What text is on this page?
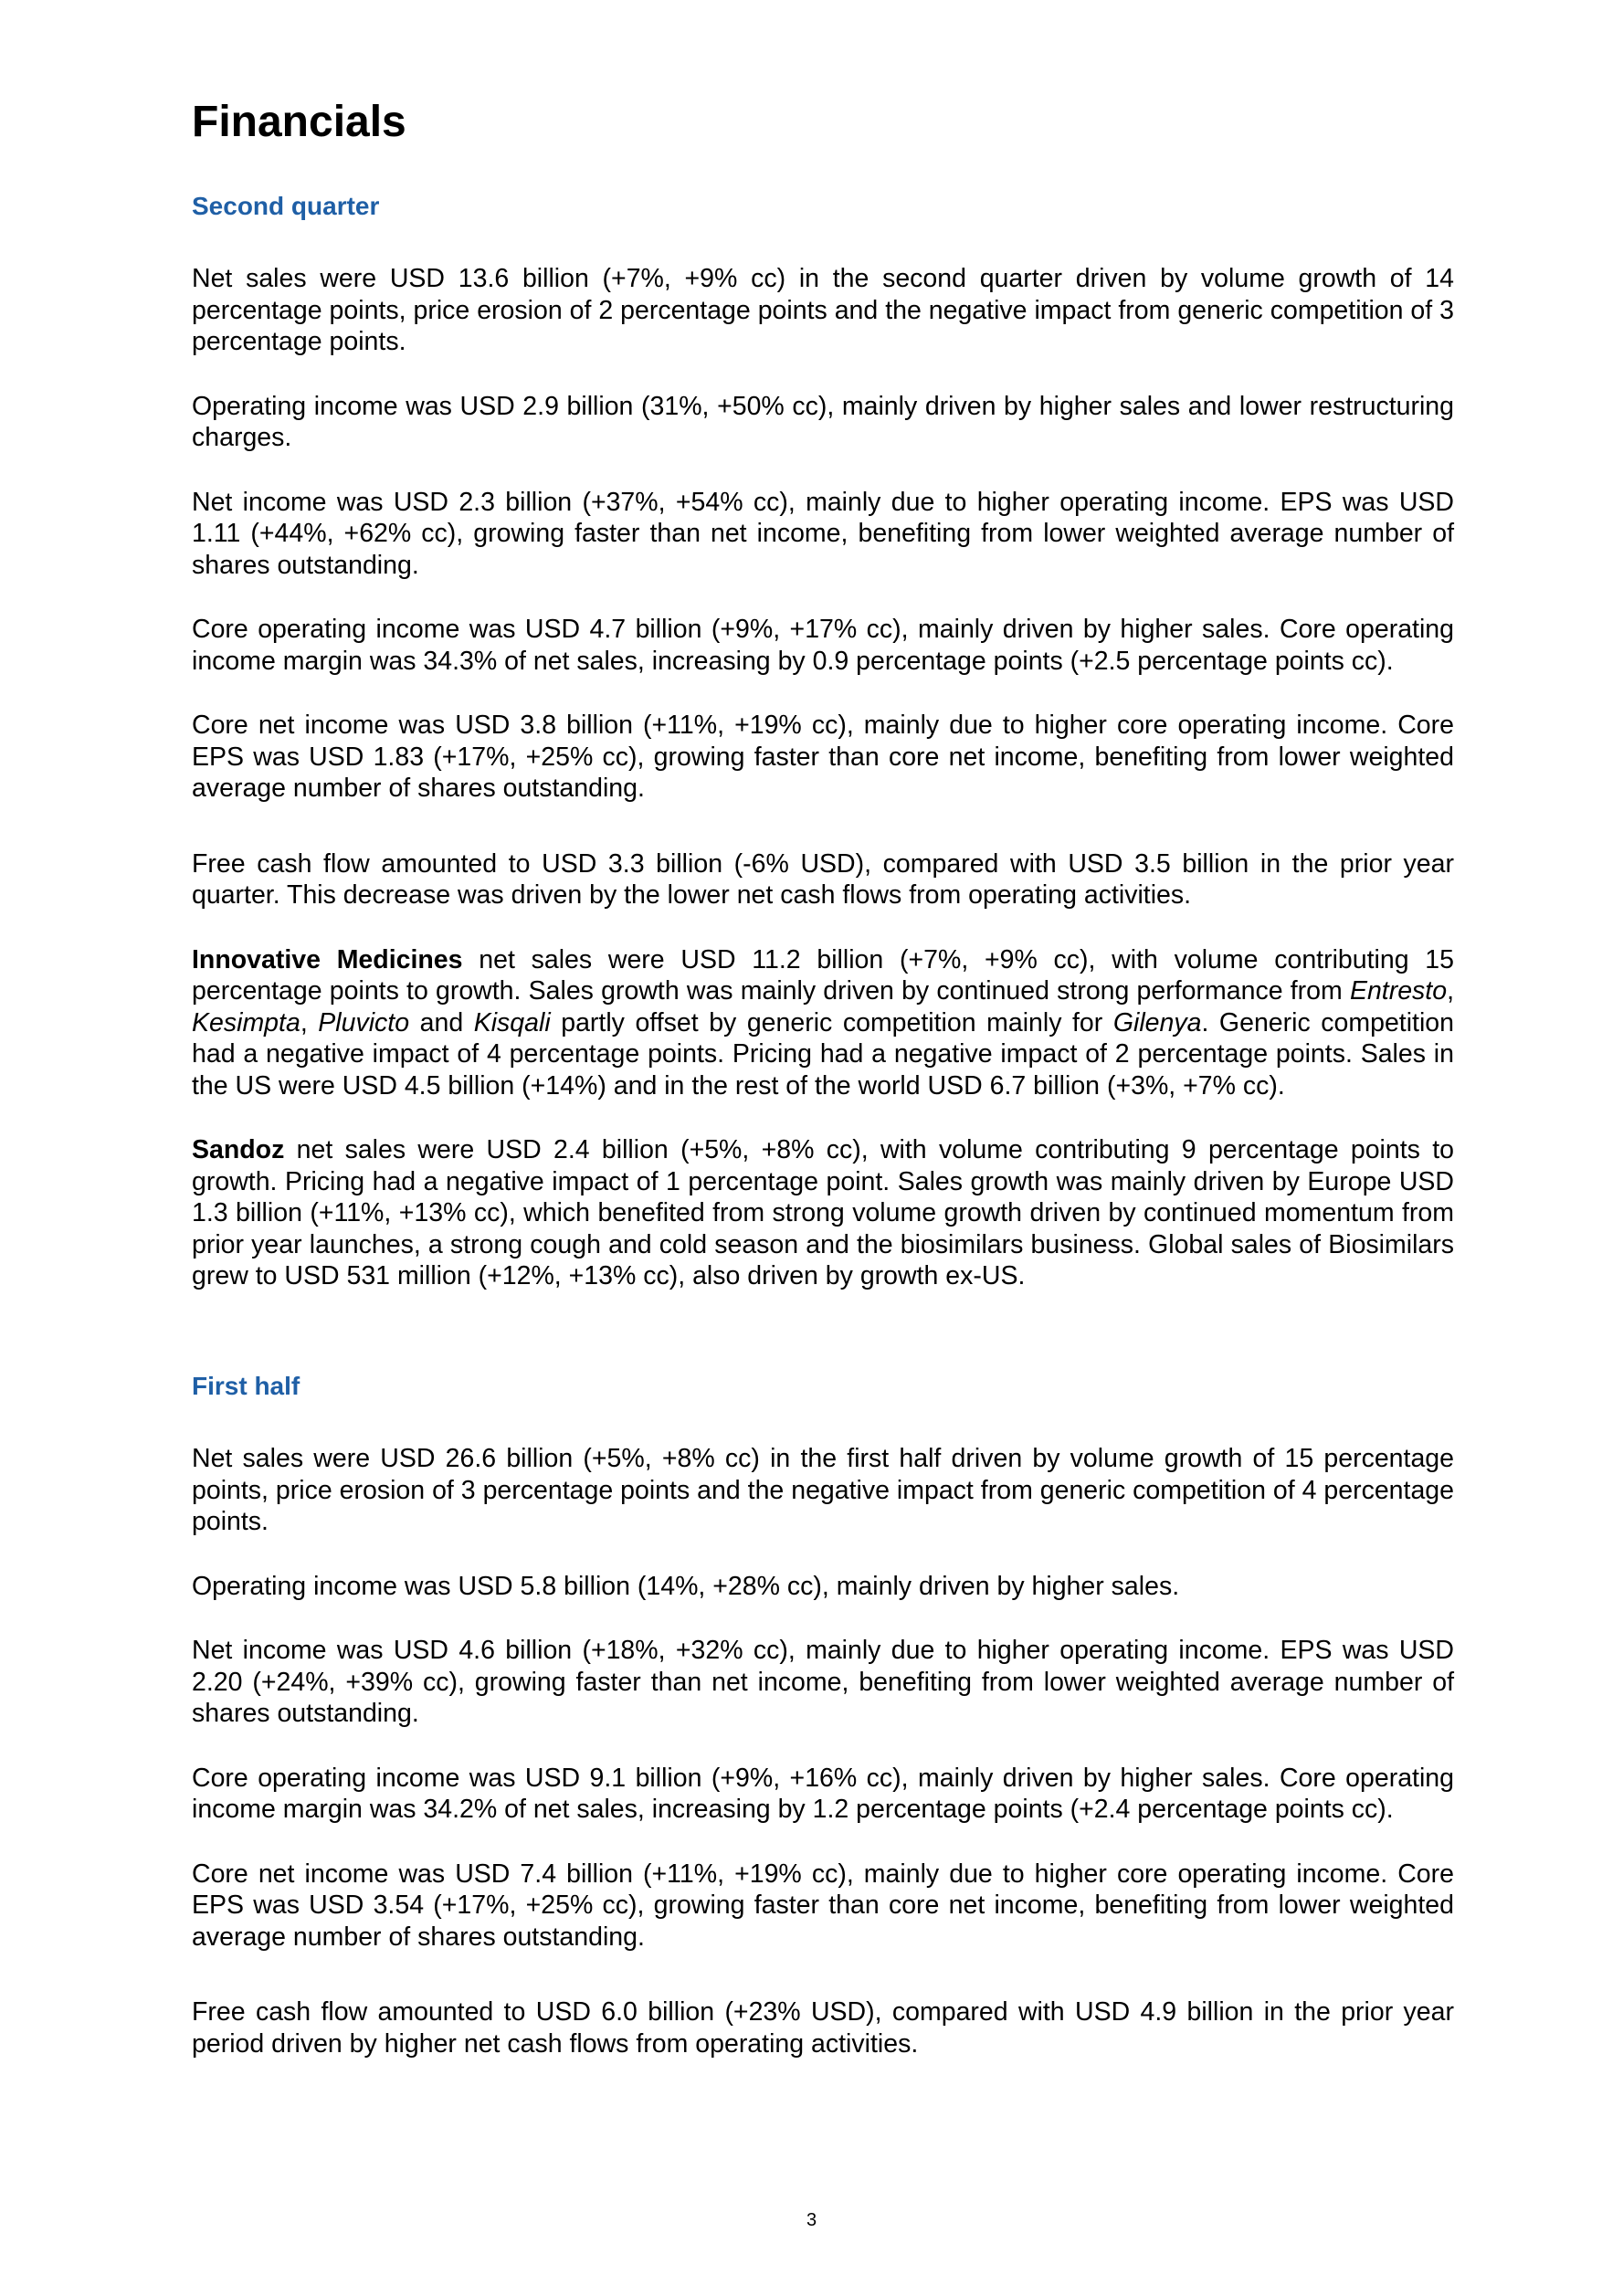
Financials
Second quarter

Net sales were USD 13.6 billion (+7%, +9% cc) in the second quarter driven by volume growth of 14 percentage points, price erosion of 2 percentage points and the negative impact from generic competition of 3 percentage points.

Operating income was USD 2.9 billion (31%, +50% cc), mainly driven by higher sales and lower restructuring charges.

Net income was USD 2.3 billion (+37%, +54% cc), mainly due to higher operating income. EPS was USD 1.11 (+44%, +62% cc), growing faster than net income, benefiting from lower weighted average number of shares outstanding.

Core operating income was USD 4.7 billion (+9%, +17% cc), mainly driven by higher sales. Core operating income margin was 34.3% of net sales, increasing by 0.9 percentage points (+2.5 percentage points cc).

Core net income was USD 3.8 billion (+11%, +19% cc), mainly due to higher core operating income. Core EPS was USD 1.83 (+17%, +25% cc), growing faster than core net income, benefiting from lower weighted average number of shares outstanding.

Free cash flow amounted to USD 3.3 billion (-6% USD), compared with USD 3.5 billion in the prior year quarter. This decrease was driven by the lower net cash flows from operating activities.

Innovative Medicines net sales were USD 11.2 billion (+7%, +9% cc), with volume contributing 15 percentage points to growth. Sales growth was mainly driven by continued strong performance from Entresto, Kesimpta, Pluvicto and Kisqali partly offset by generic competition mainly for Gilenya. Generic competition had a negative impact of 4 percentage points. Pricing had a negative impact of 2 percentage points. Sales in the US were USD 4.5 billion (+14%) and in the rest of the world USD 6.7 billion (+3%, +7% cc).

Sandoz net sales were USD 2.4 billion (+5%, +8% cc), with volume contributing 9 percentage points to growth. Pricing had a negative impact of 1 percentage point. Sales growth was mainly driven by Europe USD 1.3 billion (+11%, +13% cc), which benefited from strong volume growth driven by continued momentum from prior year launches, a strong cough and cold season and the biosimilars business. Global sales of Biosimilars grew to USD 531 million (+12%, +13% cc), also driven by growth ex-US.

First half

Net sales were USD 26.6 billion (+5%, +8% cc) in the first half driven by volume growth of 15 percentage points, price erosion of 3 percentage points and the negative impact from generic competition of 4 percentage points.

Operating income was USD 5.8 billion (14%, +28% cc), mainly driven by higher sales.

Net income was USD 4.6 billion (+18%, +32% cc), mainly due to higher operating income. EPS was USD 2.20 (+24%, +39% cc), growing faster than net income, benefiting from lower weighted average number of shares outstanding.

Core operating income was USD 9.1 billion (+9%, +16% cc), mainly driven by higher sales. Core operating income margin was 34.2% of net sales, increasing by 1.2 percentage points (+2.4 percentage points cc).

Core net income was USD 7.4 billion (+11%, +19% cc), mainly due to higher core operating income. Core EPS was USD 3.54 (+17%, +25% cc), growing faster than core net income, benefiting from lower weighted average number of shares outstanding.

Free cash flow amounted to USD 6.0 billion (+23% USD), compared with USD 4.9 billion in the prior year period driven by higher net cash flows from operating activities.

3
